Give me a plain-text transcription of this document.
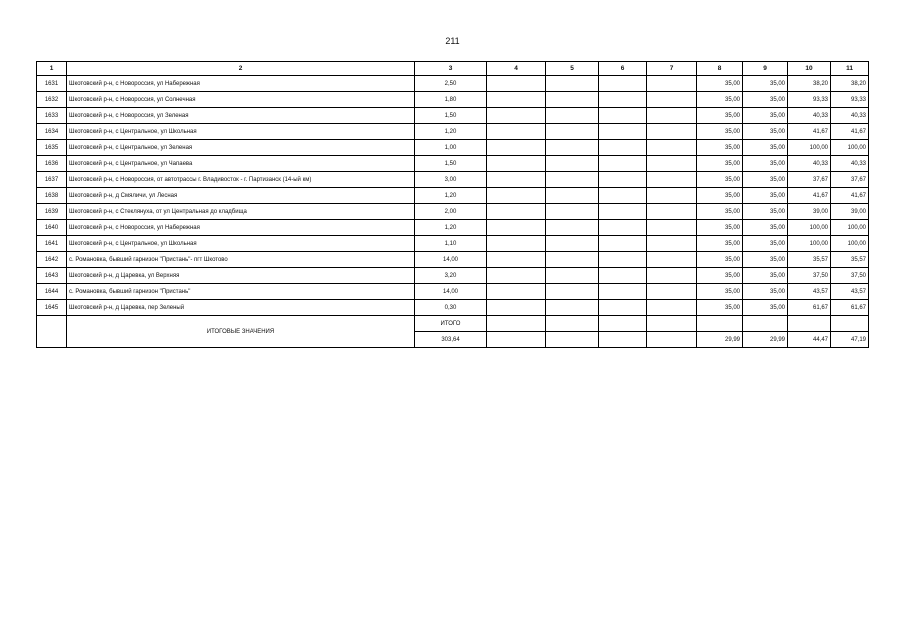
211
1	2	3	4	5	6	7	8	9	10	11
1631	Шкотовский р-н, с Новороссия, ул Набережная	2,50					35,00	35,00	38,20	38,20
1632	Шкотовский р-н, с Новороссия, ул Солнечная	1,80					35,00	35,00	93,33	93,33
1633	Шкотовский р-н, с Новороссия, ул Зеленая	1,50					35,00	35,00	40,33	40,33
1634	Шкотовский р-н, с Центральное, ул Школьная	1,20					35,00	35,00	41,67	41,67
1635	Шкотовский р-н, с Центральное, ул Зеленая	1,00					35,00	35,00	100,00	100,00
1636	Шкотовский р-н, с Центральное, ул Чапаева	1,50					35,00	35,00	40,33	40,33
1637	Шкотовский р-н, с Новороссия, от автотрассы г. Владивосток - г. Партизанск (14-ый км)	3,00					35,00	35,00	37,67	37,67
1638	Шкотовский р-н, д Смяличи, ул Лесная	1,20					35,00	35,00	41,67	41,67
1639	Шкотовский р-н, с Стеклянуха, от ул Центральная до кладбища	2,00					35,00	35,00	39,00	39,00
1640	Шкотовский р-н, с Новороссия, ул Набережная	1,20					35,00	35,00	100,00	100,00
1641	Шкотовский р-н, с Центральное, ул Школьная	1,10					35,00	35,00	100,00	100,00
1642	с. Романовка, бывший гарнизон "Пристань"- пгт Шкотово	14,00					35,00	35,00	35,57	35,57
1643	Шкотовский р-н, д Царевка, ул Верхняя	3,20					35,00	35,00	37,50	37,50
1644	с. Романовка, бывший гарнизон "Пристань"	14,00					35,00	35,00	43,57	43,57
1645	Шкотовский р-н, д Царевка, пер Зеленый	0,30					35,00	35,00	61,67	61,67
	ИТОГОВЫЕ ЗНАЧЕНИЯ	ИТОГО								
		303,64					29,99	29,99	44,47	47,19
